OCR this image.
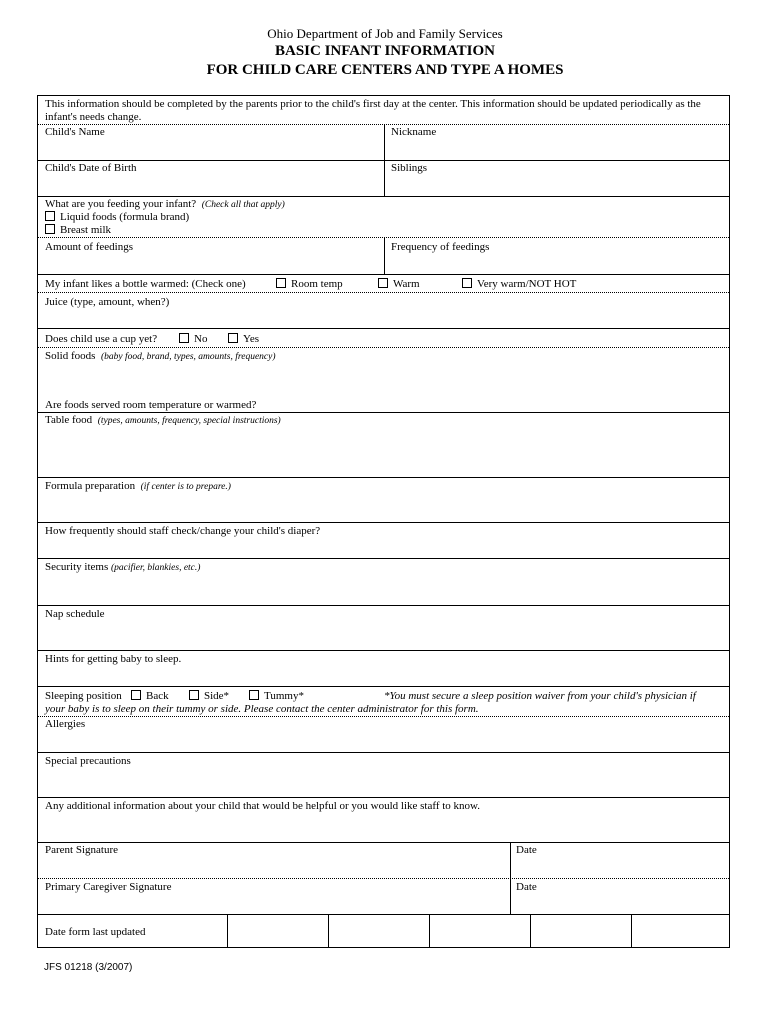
Ohio Department of Job and Family Services
BASIC INFANT INFORMATION
FOR CHILD CARE CENTERS AND TYPE A HOMES
This information should be completed by the parents prior to the child's first day at the center. This information should be updated periodically as the infant's needs change.
Child's Name	Nickname
Child's Date of Birth	Siblings
What are you feeding your infant? (Check all that apply)
Liquid foods (formula brand)
Breast milk
Amount of feedings	Frequency of feedings
My infant likes a bottle warmed: (Check one)	Room temp	Warm	Very warm/NOT HOT
Juice (type, amount, when?)
Does child use a cup yet?	No	Yes
Solid foods (baby food, brand, types, amounts, frequency)
Are foods served room temperature or warmed?
Table food (types, amounts, frequency, special instructions)
Formula preparation (if center is to prepare.)
How frequently should staff check/change your child's diaper?
Security items (pacifier, blankies, etc.)
Nap schedule
Hints for getting baby to sleep.
Sleeping position	Back	Side*	Tummy*	*You must secure a sleep position waiver from your child's physician if
your baby is to sleep on their tummy or side. Please contact the center administrator for this form.
Allergies
Special precautions
Any additional information about your child that would be helpful or you would like staff to know.
Parent Signature	Date
Primary Caregiver Signature	Date
Date form last updated
JFS 01218 (3/2007)
